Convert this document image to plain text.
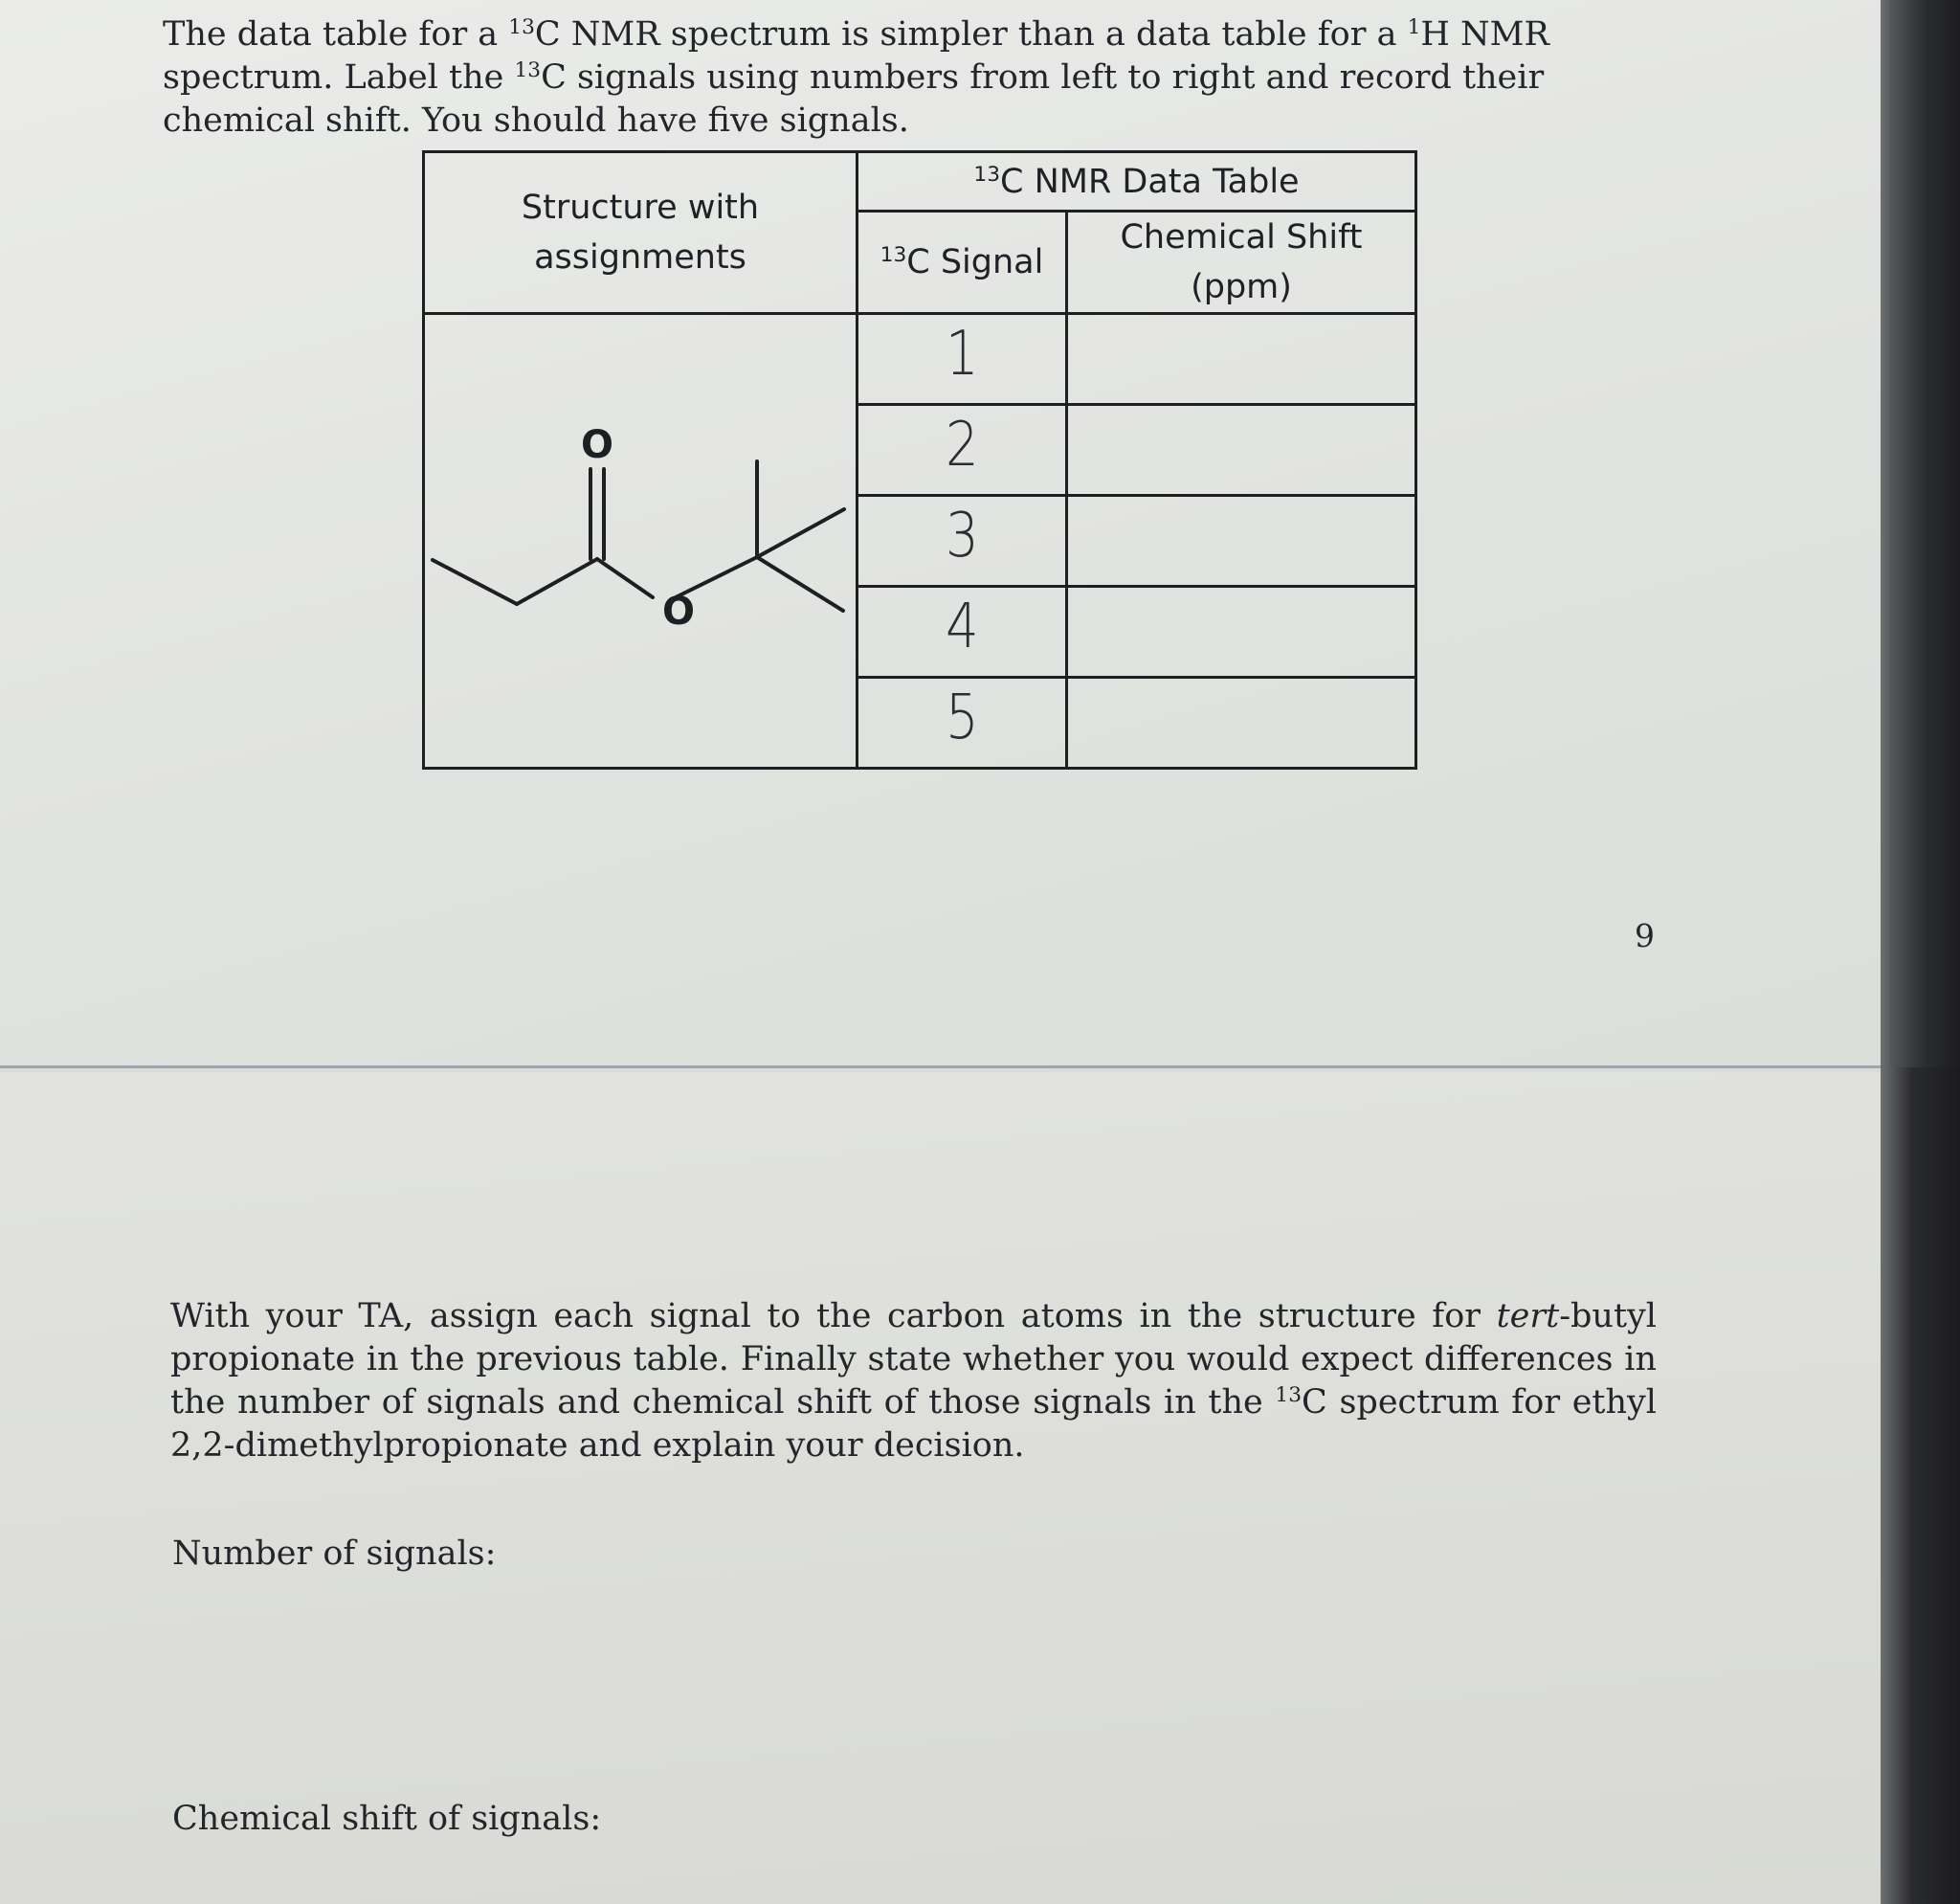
The data table for a $^{13}$C NMR spectrum is simpler than a data table for a $^1$H NMR spectrum. Label the $^{13}$C signals using numbers from left to right and record their chemical shift. You should have five signals.

Structure with
assignments	$^{13}$C NMR Data Table	
	$^{13}$C Signal	Chemical Shift (ppm)

O
O	1	
	2	
	3	
	4	
	5	
9

With your TA, assign each signal to the carbon atoms in the structure for tert-butyl propionate in the previous table. Finally state whether you would expect differences in the number of signals and chemical shift of those signals in the $^{13}$C spectrum for ethyl 2,2-dimethylpropionate and explain your decision.

Number of signals:

Chemical shift of signals:
